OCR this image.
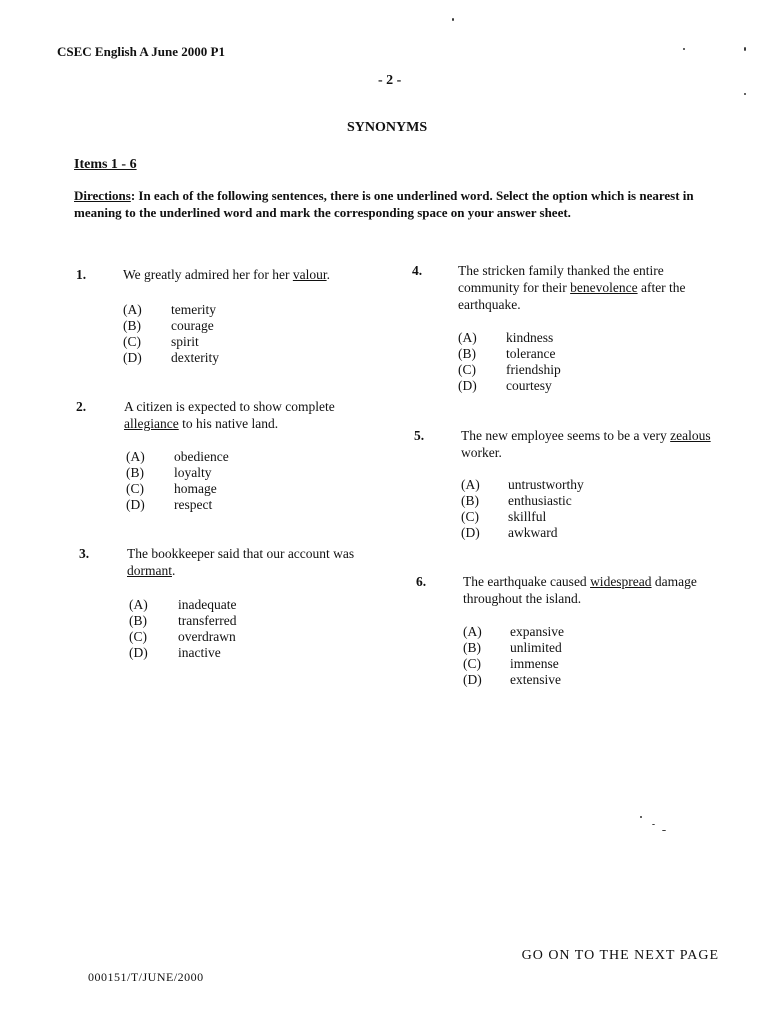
CSEC English A June 2000 P1
- 2 -
SYNONYMS
Items 1 - 6
Directions: In each of the following sentences, there is one underlined word. Select the option which is nearest in meaning to the underlined word and mark the corresponding space on your answer sheet.
1.	We greatly admired her for her valour.
(A) temerity
(B) courage
(C) spirit
(D) dexterity
2.	A citizen is expected to show complete allegiance to his native land.
(A) obedience
(B) loyalty
(C) homage
(D) respect
3.	The bookkeeper said that our account was dormant.
(A) inadequate
(B) transferred
(C) overdrawn
(D) inactive
4.	The stricken family thanked the entire community for their benevolence after the earthquake.
(A) kindness
(B) tolerance
(C) friendship
(D) courtesy
5.	The new employee seems to be a very zealous worker.
(A) untrustworthy
(B) enthusiastic
(C) skillful
(D) awkward
6.	The earthquake caused widespread damage throughout the island.
(A) expansive
(B) unlimited
(C) immense
(D) extensive
GO ON TO THE NEXT PAGE
000151/T/JUNE/2000
